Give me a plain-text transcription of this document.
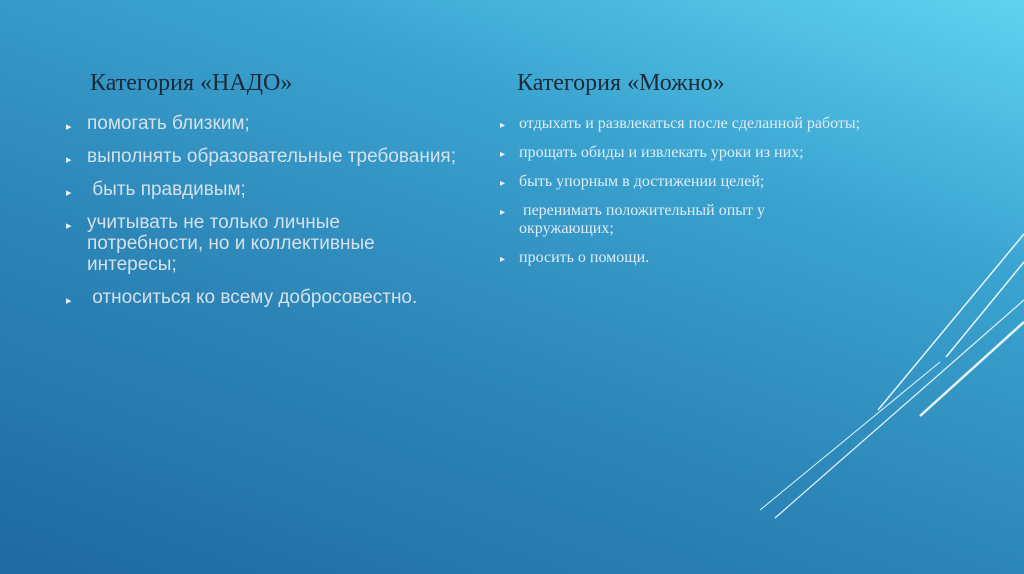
Категория «НАДО»	Категория «Можно»
▸ помогать близким;
▸ выполнять образовательные требования;
▸ быть правдивым;
▸ учитывать не только личные потребности, но и коллективные интересы;
▸ относиться ко всему добросовестно.
▸ отдыхать и развлекаться после сделанной работы;
▸ прощать обиды и извлекать уроки из них;
▸ быть упорным в достижении целей;
▸ перенимать положительный опыт у окружающих;
▸ просить о помощи.
